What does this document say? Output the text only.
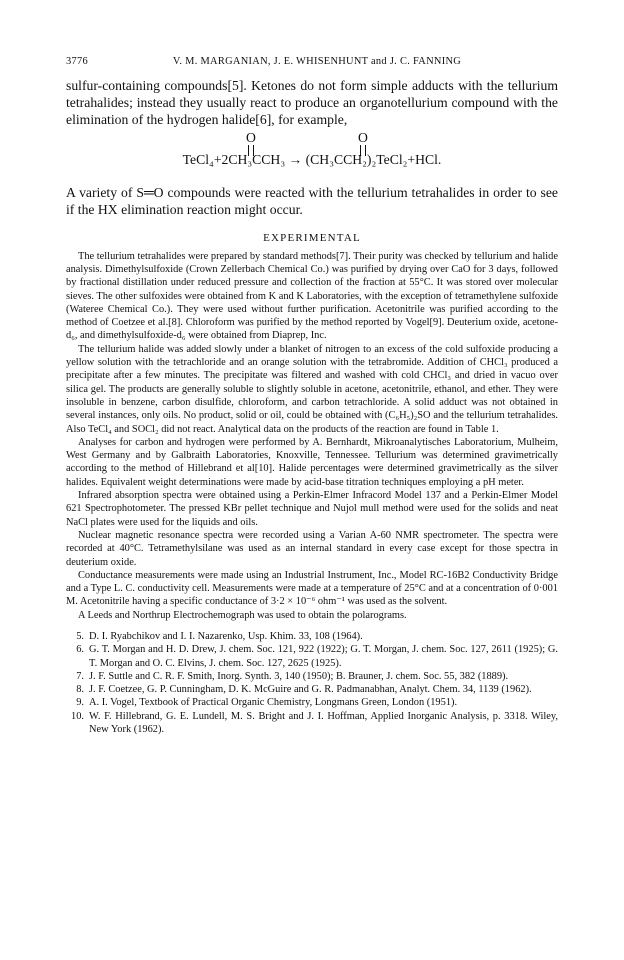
3776	V. M. MARGANIAN, J. E. WHISENHUNT and J. C. FANNING

sulfur-containing compounds[5]. Ketones do not form simple adducts with the tellurium tetrahalides; instead they usually react to produce an organotellurium compound with the elimination of the hydrogen halide[6], for example,

O	O
TeCl₄+2CH₃CCH₃ → (CH₃CCH₂)₂TeCl₂+HCl.

A variety of S═O compounds were reacted with the tellurium tetrahalides in order to see if the HX elimination reaction might occur.

EXPERIMENTAL

The tellurium tetrahalides were prepared by standard methods[7]. Their purity was checked by tellurium and halide analysis. Dimethylsulfoxide (Crown Zellerbach Chemical Co.) was purified by drying over CaO for 3 days, followed by fractional distillation under reduced pressure and collection of the fraction at 55°C. It was stored over molecular sieves. The other sulfoxides were obtained from K and K Laboratories, with the exception of tetramethylene sulfoxide (Wateree Chemical Co.). They were used without further purification. Acetonitrile was purified according to the method of Coetzee et al.[8]. Chloroform was purified by the method reported by Vogel[9]. Deuterium oxide, acetone-d₆, and dimethylsulfoxide-d₆ were obtained from Diaprep, Inc.

The tellurium halide was added slowly under a blanket of nitrogen to an excess of the cold sulfoxide producing a yellow solution with the tetrachloride and an orange solution with the tetrabromide. Addition of CHCl₃ produced a precipitate after a few minutes. The precipitate was filtered and washed with cold CHCl₃ and dried in vacuo over silica gel. The products are generally soluble to slightly soluble in acetone, acetonitrile, ethanol, and ether. They were insoluble in benzene, carbon disulfide, chloroform, and carbon tetrachloride. A solid adduct was not obtained in several instances, only oils. No product, solid or oil, could be obtained with (C₆H₅)₂SO and the tellurium tetrahalides. Also TeCl₄ and SOCl₂ did not react. Analytical data on the products of the reaction are found in Table 1.

Analyses for carbon and hydrogen were performed by A. Bernhardt, Mikroanalytisches Laboratorium, Mulheim, West Germany and by Galbraith Laboratories, Knoxville, Tennessee. Tellurium was determined gravimetrically according to the method of Hillebrand et al[10]. Halide percentages were determined gravimetrically as the silver halides. Equivalent weight determinations were made by acid-base titration techniques employing a pH meter.

Infrared absorption spectra were obtained using a Perkin-Elmer Infracord Model 137 and a Perkin-Elmer Model 621 Spectrophotometer. The pressed KBr pellet technique and Nujol mull method were used for the solids and neat NaCl plates were used for the liquids and oils.

Nuclear magnetic resonance spectra were recorded using a Varian A-60 NMR spectrometer. The spectra were recorded at 40°C. Tetramethylsilane was used as an internal standard in every case except for those spectra in deuterium oxide.

Conductance measurements were made using an Industrial Instrument, Inc., Model RC-16B2 Conductivity Bridge and a Type L. C. conductivity cell. Measurements were made at a temperature of 25°C and at a concentration of 0·001 M. Acetonitrile having a specific conductance of 3·2 × 10⁻⁶ ohm⁻¹ was used as the solvent.

A Leeds and Northrup Electrochemograph was used to obtain the polarograms.

5. D. I. Ryabchikov and I. I. Nazarenko, Usp. Khim. 33, 108 (1964).
6. G. T. Morgan and H. D. Drew, J. chem. Soc. 121, 922 (1922); G. T. Morgan, J. chem. Soc. 127, 2611 (1925); G. T. Morgan and O. C. Elvins, J. chem. Soc. 127, 2625 (1925).
7. J. F. Suttle and C. R. F. Smith, Inorg. Synth. 3, 140 (1950); B. Brauner, J. chem. Soc. 55, 382 (1889).
8. J. F. Coetzee, G. P. Cunningham, D. K. McGuire and G. R. Padmanabhan, Analyt. Chem. 34, 1139 (1962).
9. A. I. Vogel, Textbook of Practical Organic Chemistry, Longmans Green, London (1951).
10. W. F. Hillebrand, G. E. Lundell, M. S. Bright and J. I. Hoffman, Applied Inorganic Analysis, p. 3318. Wiley, New York (1962).
